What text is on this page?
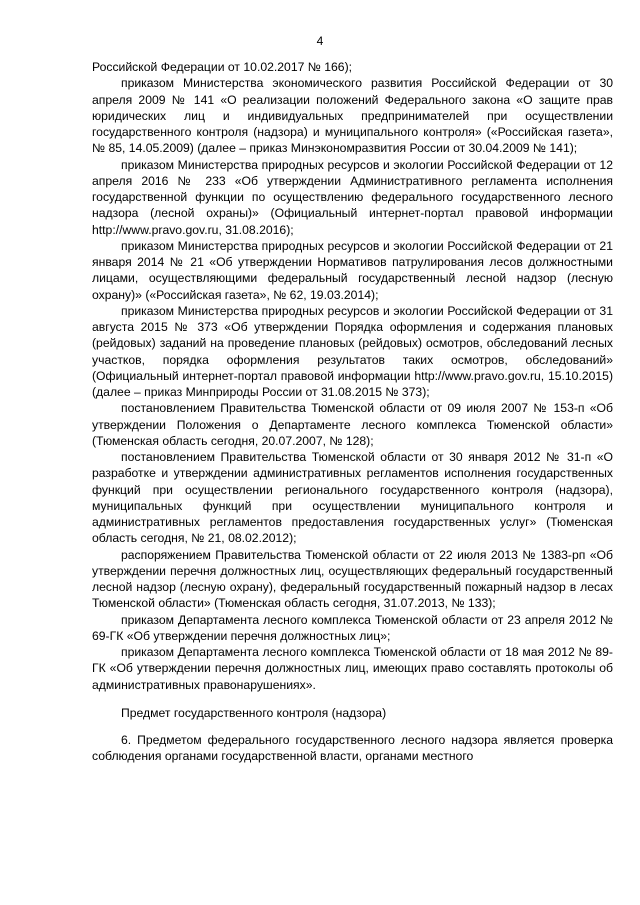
4

Российской Федерации от 10.02.2017 № 166);

приказом Министерства экономического развития Российской Федерации от 30 апреля 2009 № 141 «О реализации положений Федерального закона «О защите прав юридических лиц и индивидуальных предпринимателей при осуществлении государственного контроля (надзора) и муниципального контроля» («Российская газета», № 85, 14.05.2009) (далее – приказ Минэкономразвития России от 30.04.2009 № 141);

приказом Министерства природных ресурсов и экологии Российской Федерации от 12 апреля 2016 № 233 «Об утверждении Административного регламента исполнения государственной функции по осуществлению федерального государственного лесного надзора (лесной охраны)» (Официальный интернет-портал правовой информации http://www.pravo.gov.ru, 31.08.2016);

приказом Министерства природных ресурсов и экологии Российской Федерации от 21 января 2014 № 21 «Об утверждении Нормативов патрулирования лесов должностными лицами, осуществляющими федеральный государственный лесной надзор (лесную охрану)» («Российская газета», № 62, 19.03.2014);

приказом Министерства природных ресурсов и экологии Российской Федерации от 31 августа 2015 № 373 «Об утверждении Порядка оформления и содержания плановых (рейдовых) заданий на проведение плановых (рейдовых) осмотров, обследований лесных участков, порядка оформления результатов таких осмотров, обследований» (Официальный интернет-портал правовой информации http://www.pravo.gov.ru, 15.10.2015) (далее – приказ Минприроды России от 31.08.2015 № 373);

постановлением Правительства Тюменской области от 09 июля 2007 № 153-п «Об утверждении Положения о Департаменте лесного комплекса Тюменской области» (Тюменская область сегодня, 20.07.2007, № 128);

постановлением Правительства Тюменской области от 30 января 2012 № 31-п «О разработке и утверждении административных регламентов исполнения государственных функций при осуществлении регионального государственного контроля (надзора), муниципальных функций при осуществлении муниципального контроля и административных регламентов предоставления государственных услуг» (Тюменская область сегодня, № 21, 08.02.2012);

распоряжением Правительства Тюменской области от 22 июля 2013 № 1383-рп «Об утверждении перечня должностных лиц, осуществляющих федеральный государственный лесной надзор (лесную охрану), федеральный государственный пожарный надзор в лесах Тюменской области» (Тюменская область сегодня, 31.07.2013, № 133);

приказом Департамента лесного комплекса Тюменской области от 23 апреля 2012 № 69-ГК «Об утверждении перечня должностных лиц»;

приказом Департамента лесного комплекса Тюменской области от 18 мая 2012 № 89-ГК «Об утверждении перечня должностных лиц, имеющих право составлять протоколы об административных правонарушениях».

Предмет государственного контроля (надзора)

6. Предметом федерального государственного лесного надзора является проверка соблюдения органами государственной власти, органами местного
